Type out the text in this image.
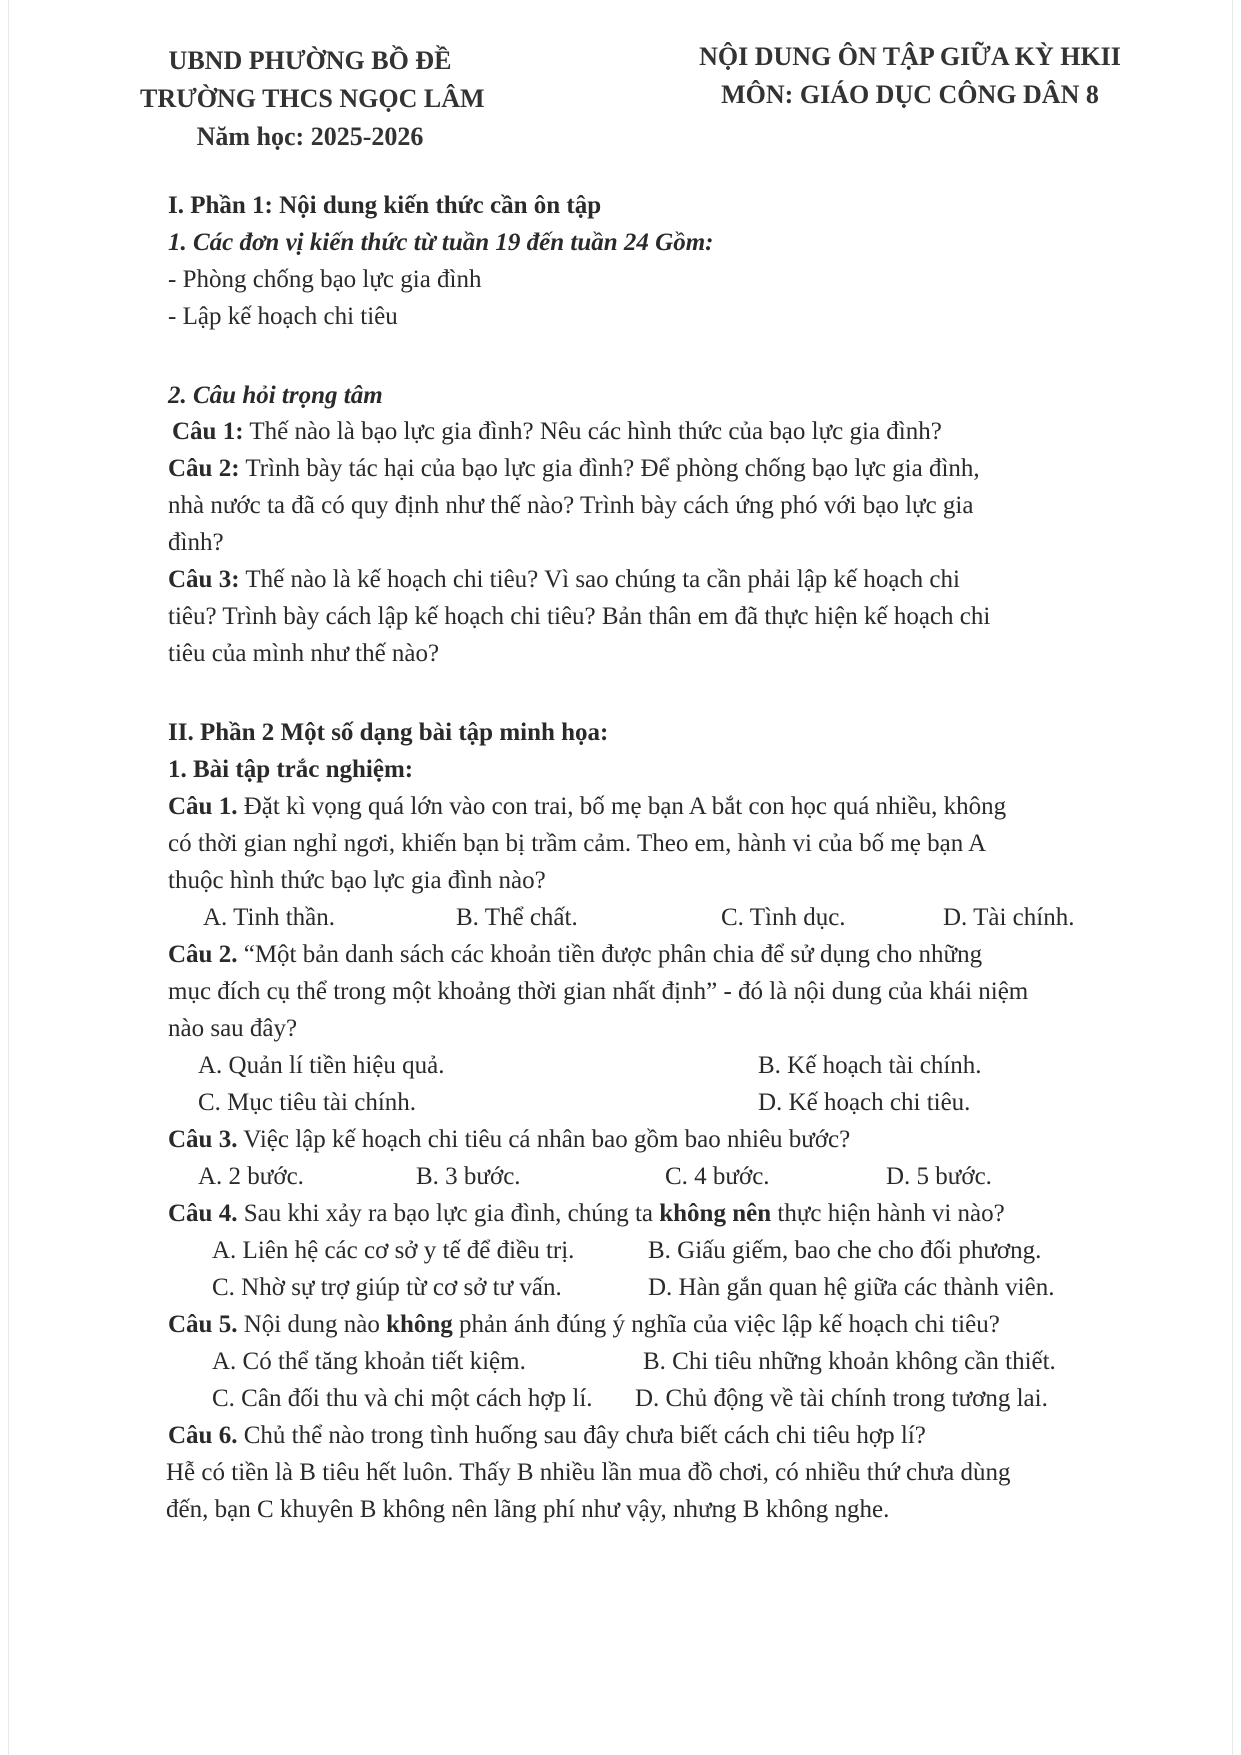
UBND PHƯỜNG BỒ ĐỀ
TRƯỜNG THCS NGỌC LÂM
Năm học: 2025-2026
NỘI DUNG ÔN TẬP GIỮA KỲ HKII
MÔN: GIÁO DỤC CÔNG DÂN 8
I. Phần 1: Nội dung kiến thức cần ôn tập
1. Các đơn vị kiến thức từ tuần 19 đến tuần 24 Gồm:
- Phòng chống bạo lực gia đình
- Lập kế hoạch chi tiêu
2. Câu hỏi trọng tâm
Câu 1: Thế nào là bạo lực gia đình? Nêu các hình thức của bạo lực gia đình?
Câu 2: Trình bày tác hại của bạo lực gia đình? Để phòng chống bạo lực gia đình,
nhà nước ta đã có quy định như thế nào? Trình bày cách ứng phó với bạo lực gia
đình?
Câu 3: Thế nào là kế hoạch chi tiêu? Vì sao chúng ta cần phải lập kế hoạch chi
tiêu? Trình bày cách lập kế hoạch chi tiêu? Bản thân em đã thực hiện kế hoạch chi
tiêu của mình như thế nào?
II. Phần 2 Một số dạng bài tập minh họa:
1. Bài tập trắc nghiệm:
Câu 1. Đặt kì vọng quá lớn vào con trai, bố mẹ bạn A bắt con học quá nhiều, không
có thời gian nghỉ ngơi, khiến bạn bị trầm cảm. Theo em, hành vi của bố mẹ bạn A
thuộc hình thức bạo lực gia đình nào?
A. Tinh thần.	B. Thể chất.	C. Tình dục.	D. Tài chính.
Câu 2. “Một bản danh sách các khoản tiền được phân chia để sử dụng cho những
mục đích cụ thể trong một khoảng thời gian nhất định” - đó là nội dung của khái niệm
nào sau đây?
A. Quản lí tiền hiệu quả.	B. Kế hoạch tài chính.
C. Mục tiêu tài chính.	D. Kế hoạch chi tiêu.
Câu 3. Việc lập kế hoạch chi tiêu cá nhân bao gồm bao nhiêu bước?
A. 2 bước.	B. 3 bước.	C. 4 bước.	D. 5 bước.
Câu 4. Sau khi xảy ra bạo lực gia đình, chúng ta không nên thực hiện hành vi nào?
A. Liên hệ các cơ sở y tế để điều trị.	B. Giấu giếm, bao che cho đối phương.
C. Nhờ sự trợ giúp từ cơ sở tư vấn.	D. Hàn gắn quan hệ giữa các thành viên.
Câu 5. Nội dung nào không phản ánh đúng ý nghĩa của việc lập kế hoạch chi tiêu?
A. Có thể tăng khoản tiết kiệm.	B. Chi tiêu những khoản không cần thiết.
C. Cân đối thu và chi một cách hợp lí. D. Chủ động về tài chính trong tương lai.
Câu 6. Chủ thể nào trong tình huống sau đây chưa biết cách chi tiêu hợp lí?
Hễ có tiền là B tiêu hết luôn. Thấy B nhiều lần mua đồ chơi, có nhiều thứ chưa dùng
đến, bạn C khuyên B không nên lãng phí như vậy, nhưng B không nghe.
